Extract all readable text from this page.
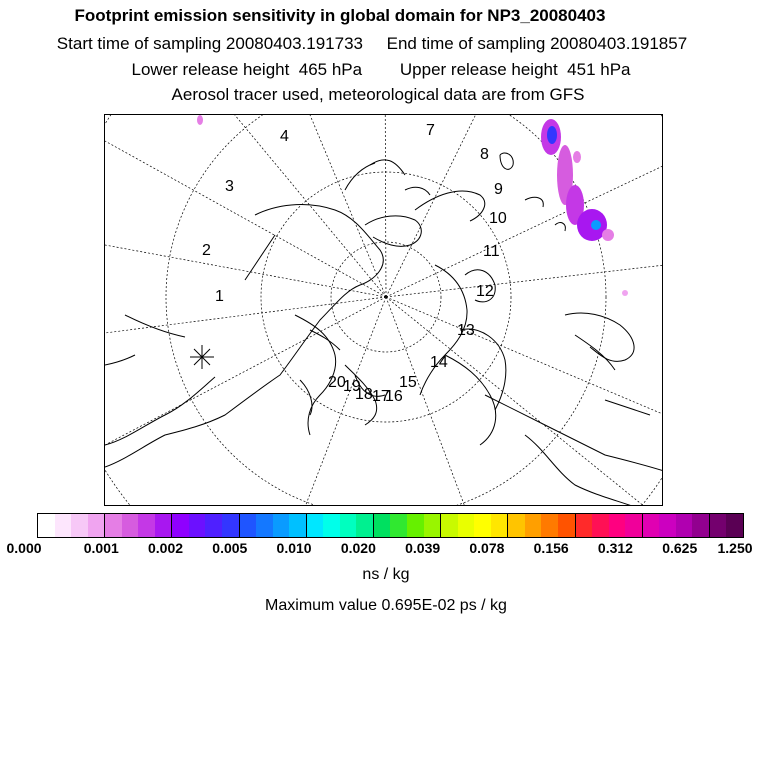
Footprint emission sensitivity in global domain for NP3_20080403
Start time of sampling 20080403.191733     End time of sampling 20080403.191857
Lower release height  465 hPa        Upper release height  451 hPa
Aerosol tracer used, meteorological data are from GFS
1
2
3
4	7
8
9
10
11
12
13
14
15
16
17
18
19
20
0.000	0.001 0.002 0.005 0.010 0.020 0.039 0.078 0.156 0.312 0.625 1.250
ns / kg
Maximum value 0.695E-02 ps / kg
